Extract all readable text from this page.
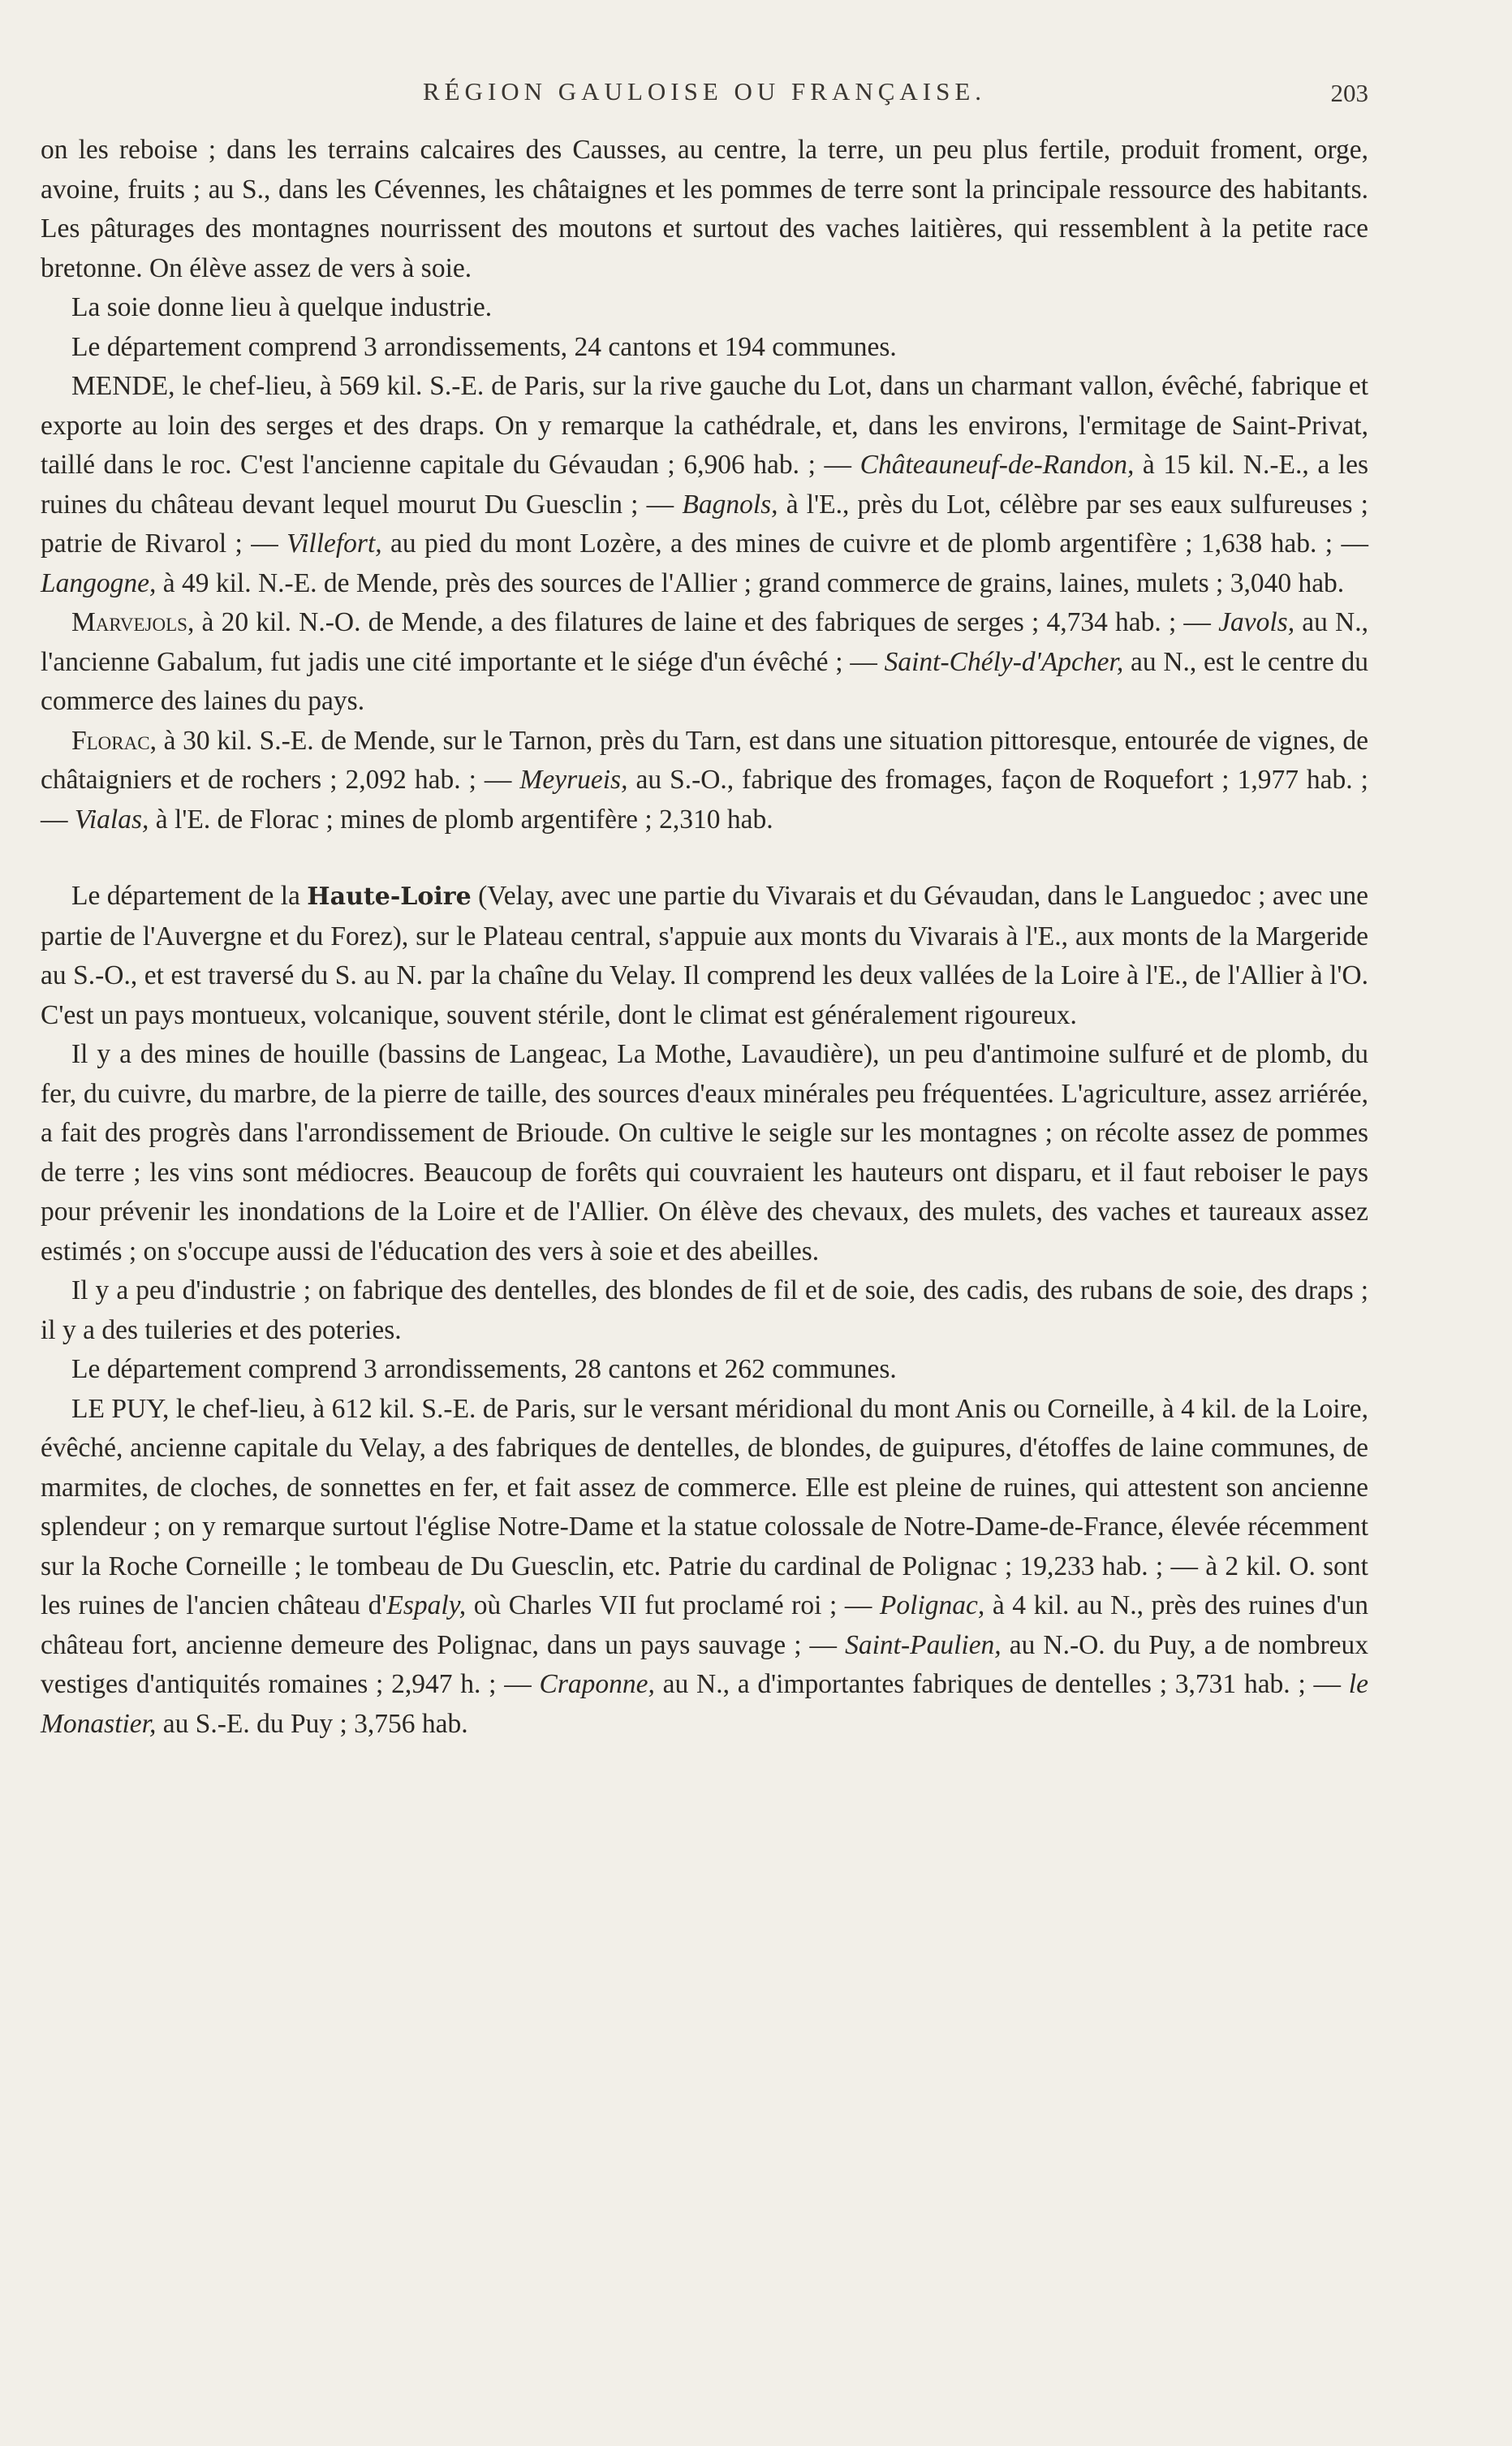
RÉGION GAULOISE OU FRANÇAISE.	203

on les reboise ; dans les terrains calcaires des Causses, au centre, la terre, un peu plus fertile, produit froment, orge, avoine, fruits ; au S., dans les Cévennes, les châtaignes et les pommes de terre sont la principale ressource des habitants. Les pâturages des montagnes nourrissent des moutons et surtout des vaches laitières, qui ressemblent à la petite race bretonne. On élève assez de vers à soie.

La soie donne lieu à quelque industrie.

Le département comprend 3 arrondissements, 24 cantons et 194 communes.

MENDE, le chef-lieu, à 569 kil. S.-E. de Paris, sur la rive gauche du Lot, dans un charmant vallon, évêché, fabrique et exporte au loin des serges et des draps. On y remarque la cathédrale, et, dans les environs, l'ermitage de Saint-Privat, taillé dans le roc. C'est l'ancienne capitale du Gévaudan ; 6,906 hab. ; — Châteauneuf-de-Randon, à 15 kil. N.-E., a les ruines du château devant lequel mourut Du Guesclin ; — Bagnols, à l'E., près du Lot, célèbre par ses eaux sulfureuses ; patrie de Rivarol ; — Villefort, au pied du mont Lozère, a des mines de cuivre et de plomb argentifère ; 1,638 hab. ; — Langogne, à 49 kil. N.-E. de Mende, près des sources de l'Allier ; grand commerce de grains, laines, mulets ; 3,040 hab.

Marvejols, à 20 kil. N.-O. de Mende, a des filatures de laine et des fabriques de serges ; 4,734 hab. ; — Javols, au N., l'ancienne Gabalum, fut jadis une cité importante et le siége d'un évêché ; — Saint-Chély-d'Apcher, au N., est le centre du commerce des laines du pays.

Florac, à 30 kil. S.-E. de Mende, sur le Tarnon, près du Tarn, est dans une situation pittoresque, entourée de vignes, de châtaigniers et de rochers ; 2,092 hab. ; — Meyrueis, au S.-O., fabrique des fromages, façon de Roquefort ; 1,977 hab. ; — Vialas, à l'E. de Florac ; mines de plomb argentifère ; 2,310 hab.

Le département de la Haute-Loire (Velay, avec une partie du Vivarais et du Gévaudan, dans le Languedoc ; avec une partie de l'Auvergne et du Forez), sur le Plateau central, s'appuie aux monts du Vivarais à l'E., aux monts de la Margeride au S.-O., et est traversé du S. au N. par la chaîne du Velay. Il comprend les deux vallées de la Loire à l'E., de l'Allier à l'O. C'est un pays montueux, volcanique, souvent stérile, dont le climat est généralement rigoureux.

Il y a des mines de houille (bassins de Langeac, La Mothe, Lavaudière), un peu d'antimoine sulfuré et de plomb, du fer, du cuivre, du marbre, de la pierre de taille, des sources d'eaux minérales peu fréquentées. L'agriculture, assez arriérée, a fait des progrès dans l'arrondissement de Brioude. On cultive le seigle sur les montagnes ; on récolte assez de pommes de terre ; les vins sont médiocres. Beaucoup de forêts qui couvraient les hauteurs ont disparu, et il faut reboiser le pays pour prévenir les inondations de la Loire et de l'Allier. On élève des chevaux, des mulets, des vaches et taureaux assez estimés ; on s'occupe aussi de l'éducation des vers à soie et des abeilles.

Il y a peu d'industrie ; on fabrique des dentelles, des blondes de fil et de soie, des cadis, des rubans de soie, des draps ; il y a des tuileries et des poteries.

Le département comprend 3 arrondissements, 28 cantons et 262 communes.

LE PUY, le chef-lieu, à 612 kil. S.-E. de Paris, sur le versant méridional du mont Anis ou Corneille, à 4 kil. de la Loire, évêché, ancienne capitale du Velay, a des fabriques de dentelles, de blondes, de guipures, d'étoffes de laine communes, de marmites, de cloches, de sonnettes en fer, et fait assez de commerce. Elle est pleine de ruines, qui attestent son ancienne splendeur ; on y remarque surtout l'église Notre-Dame et la statue colossale de Notre-Dame-de-France, élevée récemment sur la Roche Corneille ; le tombeau de Du Guesclin, etc. Patrie du cardinal de Polignac ; 19,233 hab. ; — à 2 kil. O. sont les ruines de l'ancien château d'Espaly, où Charles VII fut proclamé roi ; — Polignac, à 4 kil. au N., près des ruines d'un château fort, ancienne demeure des Polignac, dans un pays sauvage ; — Saint-Paulien, au N.-O. du Puy, a de nombreux vestiges d'antiquités romaines ; 2,947 h. ; — Craponne, au N., a d'importantes fabriques de dentelles ; 3,731 hab. ; — le Monastier, au S.-E. du Puy ; 3,756 hab.
